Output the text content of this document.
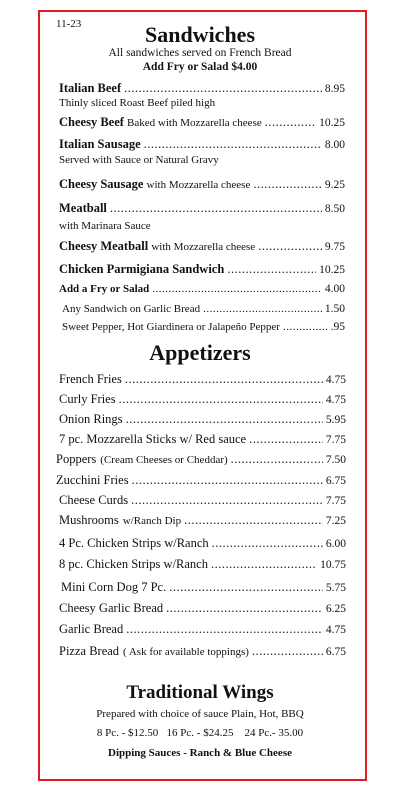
11-23	Sandwiches
All sandwiches served on French Bread
Add Fry or Salad $4.00
Italian Beef .....	8.95
Thinly sliced Roast Beef piled high
Cheesy Beef Baked with Mozzarella cheese .....	10.25
Italian Sausage .....	8.00
Served with Sauce or Natural Gravy
Cheesy Sausage with Mozzarella cheese .....	9.25
Meatball .....	8.50
with Marinara Sauce
Cheesy Meatball with Mozzarella cheese .....	9.75
Chicken Parmigiana Sandwich .....	10.25
Add a Fry or Salad .....	4.00
Any Sandwich on Garlic Bread .....	1.50
Sweet Pepper, Hot Giardinera or Jalapeño Pepper .....	.95
Appetizers
French Fries .....	4.75
Curly Fries .....	4.75
Onion Rings .....	5.95
7 pc. Mozzarella Sticks w/ Red sauce .....	7.75
Poppers (Cream Cheeses or Cheddar) .....	7.50
Zucchini Fries .....	6.75
Cheese Curds .....	7.75
Mushrooms w/Ranch Dip .....	7.25
4 Pc. Chicken Strips w/Ranch .....	6.00
8 pc. Chicken Strips w/Ranch .....	10.75
Mini Corn Dog 7 Pc. .....	5.75
Cheesy Garlic Bread .....	6.25
Garlic Bread .....	4.75
Pizza Bread ( Ask for available toppings) .....	6.75
Traditional Wings
Prepared with choice of sauce Plain, Hot, BBQ
8 Pc. - $12.50   16 Pc. - $24.25    24 Pc.- 35.00
Dipping Sauces - Ranch & Blue Cheese
